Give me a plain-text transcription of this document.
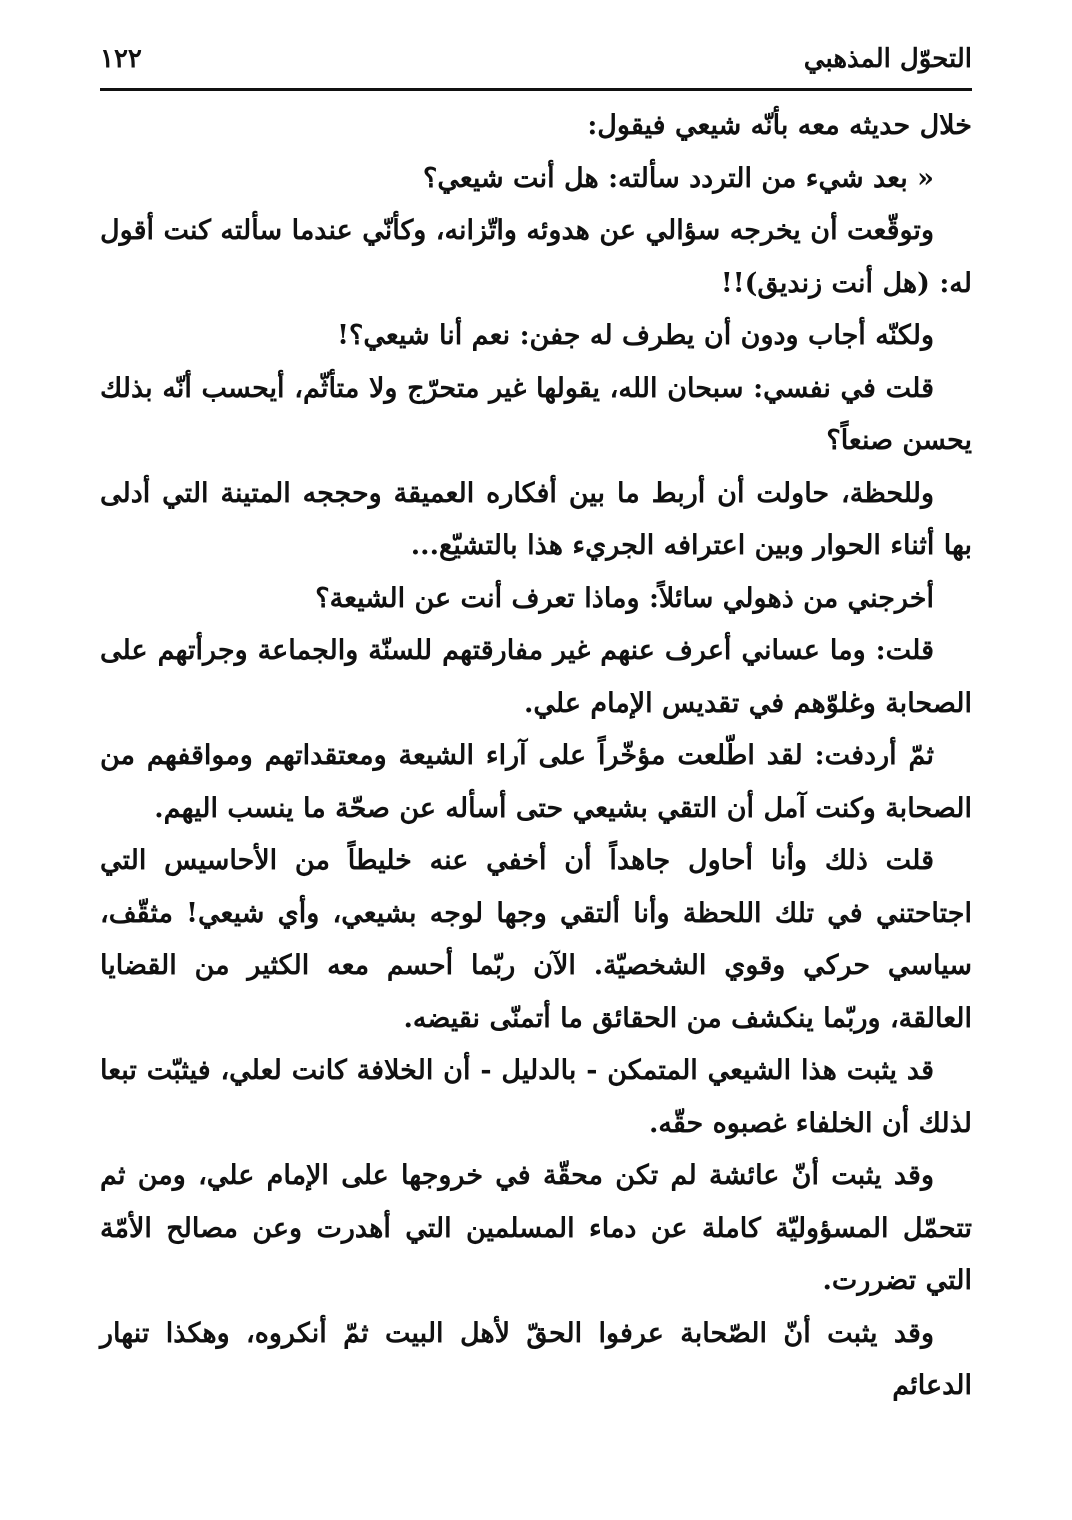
التحوّل المذهبي
١٢٢

خلال حديثه معه بأنّه شيعي فيقول:

« بعد شيء من التردد سألته: هل أنت شيعي؟

وتوقّعت أن يخرجه سؤالي عن هدوئه واتّزانه، وكأنّي عندما سألته كنت أقول له: (هل أنت زنديق)!!

ولكنّه أجاب ودون أن يطرف له جفن: نعم أنا شيعي؟!

قلت في نفسي: سبحان الله، يقولها غير متحرّج ولا متأثّم، أيحسب أنّه بذلك يحسن صنعاً؟

وللحظة، حاولت أن أربط ما بين أفكاره العميقة وحججه المتينة التي أدلى بها أثناء الحوار وبين اعترافه الجريء هذا بالتشيّع...

أخرجني من ذهولي سائلاً: وماذا تعرف أنت عن الشيعة؟

قلت: وما عساني أعرف عنهم غير مفارقتهم للسنّة والجماعة وجرأتهم على الصحابة وغلوّهم في تقديس الإمام علي.

ثمّ أردفت: لقد اطّلعت مؤخّراً على آراء الشيعة ومعتقداتهم ومواقفهم من الصحابة وكنت آمل أن التقي بشيعي حتى أسأله عن صحّة ما ينسب اليهم.

قلت ذلك وأنا أحاول جاهداً أن أخفي عنه خليطاً من الأحاسيس التي اجتاحتني في تلك اللحظة وأنا ألتقي وجها لوجه بشيعي، وأي شيعي! مثقّف، سياسي حركي وقوي الشخصيّة. الآن ربّما أحسم معه الكثير من القضايا العالقة، وربّما ينكشف من الحقائق ما أتمنّى نقيضه.

قد يثبت هذا الشيعي المتمكن - بالدليل - أن الخلافة كانت لعلي، فيثبّت تبعا لذلك أن الخلفاء غصبوه حقّه.

وقد يثبت أنّ عائشة لم تكن محقّة في خروجها على الإمام علي، ومن ثم تتحمّل المسؤوليّة كاملة عن دماء المسلمين التي أهدرت وعن مصالح الأمّة التي تضررت.

وقد يثبت أنّ الصّحابة عرفوا الحقّ لأهل البيت ثمّ أنكروه، وهكذا تنهار الدعائم
